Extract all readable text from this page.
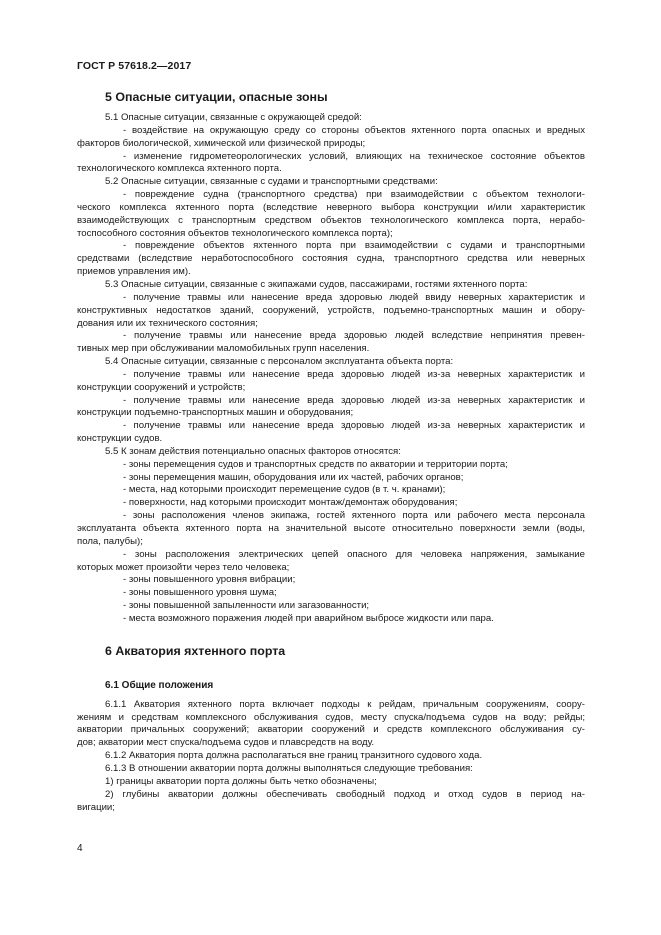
ГОСТ Р 57618.2—2017
5 Опасные ситуации, опасные зоны

5.1 Опасные ситуации, связанные с окружающей средой:

- воздействие на окружающую среду со стороны объектов яхтенного порта опасных и вредных

факторов биологической, химической или физической природы;

- изменение гидрометеорологических условий, влияющих на техническое состояние объектов

технологического комплекса яхтенного порта.

5.2 Опасные ситуации, связанные с судами и транспортными средствами:

- повреждение судна (транспортного средства) при взаимодействии с объектом технологи-

ческого комплекса яхтенного порта (вследствие неверного выбора конструкции и/или характеристик

взаимодействующих с транспортным средством объектов технологического комплекса порта, нерабо-

тоспособного состояния объектов технологического комплекса порта);

- повреждение объектов яхтенного порта при взаимодействии с судами и транспортными

средствами (вследствие неработоспособного состояния судна, транспортного средства или неверных

приемов управления им).

5.3 Опасные ситуации, связанные с экипажами судов, пассажирами, гостями яхтенного порта:

- получение травмы или нанесение вреда здоровью людей ввиду неверных характеристик и

конструктивных недостатков зданий, сооружений, устройств, подъемно-транспортных машин и обору-

дования или их технического состояния;

- получение травмы или нанесение вреда здоровью людей вследствие непринятия превен-

тивных мер при обслуживании маломобильных групп населения.

5.4 Опасные ситуации, связанные с персоналом эксплуатанта объекта порта:

- получение травмы или нанесение вреда здоровью людей из-за неверных характеристик и

конструкции сооружений и устройств;

- получение травмы или нанесение вреда здоровью людей из-за неверных характеристик и

конструкции подъемно-транспортных машин и оборудования;

- получение травмы или нанесение вреда здоровью людей из-за неверных характеристик и

конструкции судов.

5.5 К зонам действия потенциально опасных факторов относятся:

- зоны перемещения судов и транспортных средств по акватории и территории порта;

- зоны перемещения машин, оборудования или их частей, рабочих органов;

- места, над которыми происходит перемещение судов (в т. ч. кранами);

- поверхности, над которыми происходит монтаж/демонтаж оборудования;

- зоны расположения членов экипажа, гостей яхтенного порта или рабочего места персонала

эксплуатанта объекта яхтенного порта на значительной высоте относительно поверхности земли (воды,

пола, палубы);

- зоны расположения электрических цепей опасного для человека напряжения, замыкание

которых может произойти через тело человека;

- зоны повышенного уровня вибрации;

- зоны повышенного уровня шума;

- зоны повышенной запыленности или загазованности;

- места возможного поражения людей при аварийном выбросе жидкости или пара.

6 Акватория яхтенного порта
6.1 Общие положения

6.1.1 Акватория яхтенного порта включает подходы к рейдам, причальным сооружениям, соору-

жениям и средствам комплексного обслуживания судов, месту спуска/подъема судов на воду; рейды;

акватории причальных сооружений; акватории сооружений и средств комплексного обслуживания су-

дов; акватории мест спуска/подъема судов и плавсредств на воду.

6.1.2 Акватория порта должна располагаться вне границ транзитного судового хода.

6.1.3 В отношении акватории порта должны выполняться следующие требования:

1) границы акватории порта должны быть четко обозначены;

2) глубины акватории должны обеспечивать свободный подход и отход судов в период на-

вигации;

4
